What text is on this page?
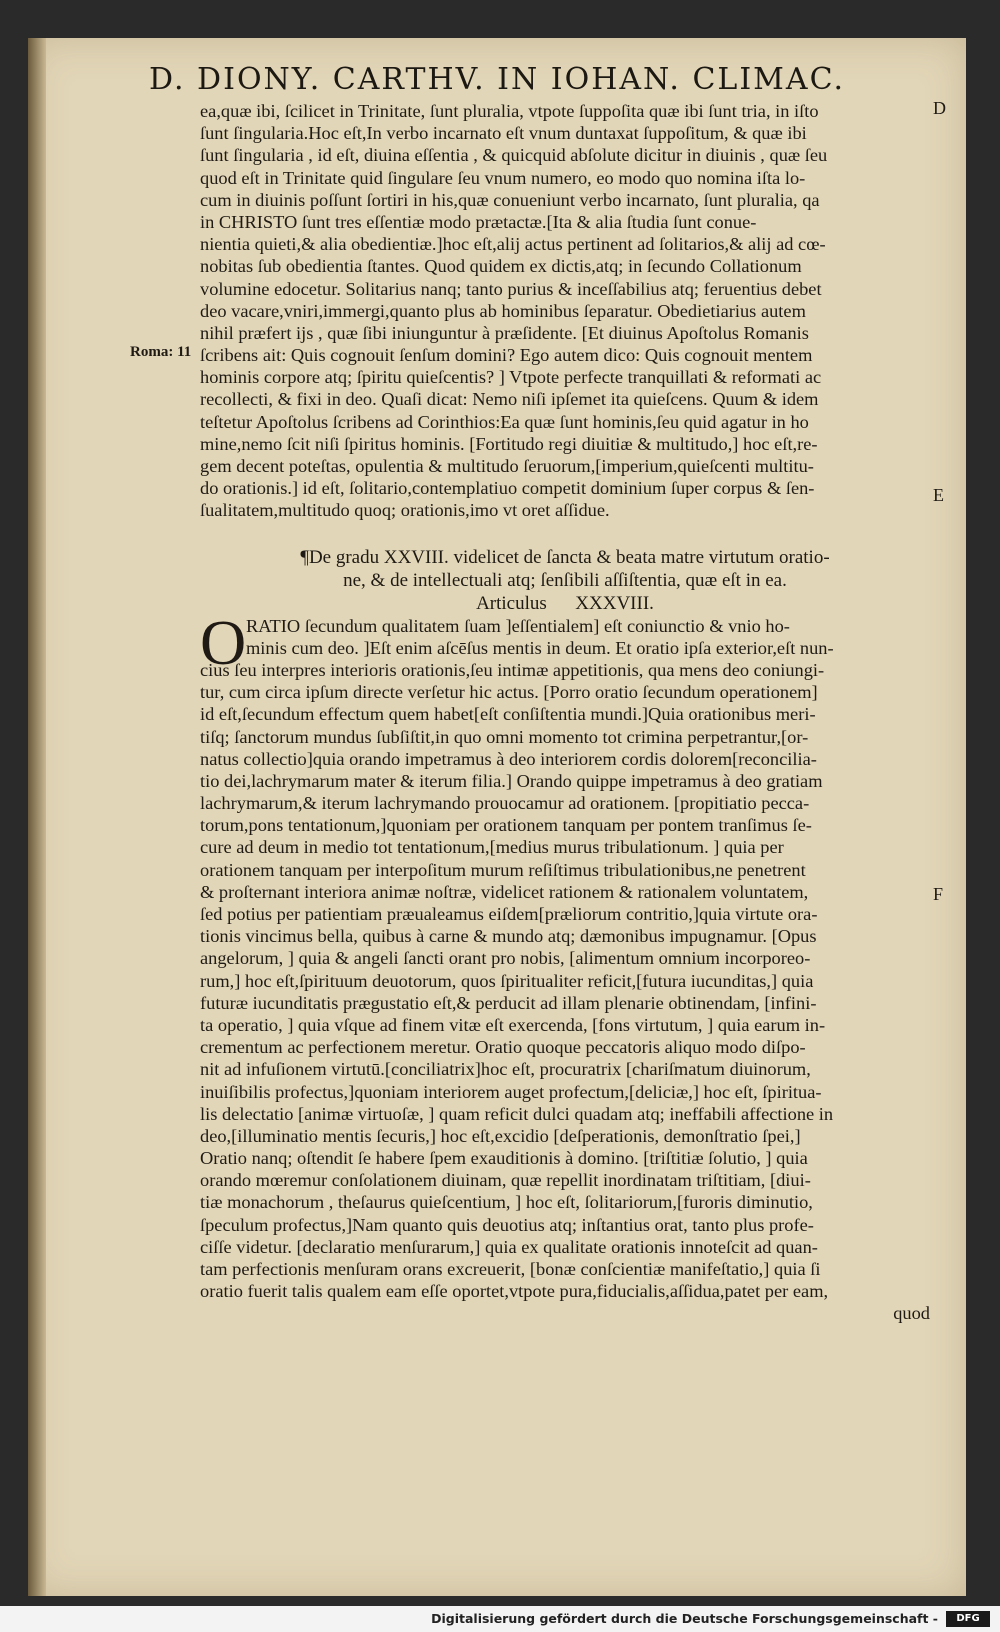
D. DIONY. CARTHV. IN IOHAN. CLIMAC.
D
E
F
Roma: 11
ea,quæ ibi, ſcilicet in Trinitate, ſunt pluralia, vtpote ſuppoſita quæ ibi ſunt tria, in iſto
ſunt ſingularia.Hoc eſt,In verbo incarnato eſt vnum duntaxat ſuppoſitum, & quæ ibi
ſunt ſingularia , id eſt, diuina eſſentia , & quicquid abſolute dicitur in diuinis , quæ ſeu
quod eſt in Trinitate quid ſingulare ſeu vnum numero, eo modo quo nomina iſta lo-
cum in diuinis poſſunt ſortiri in his,quæ conueniunt verbo incarnato, ſunt pluralia, qa
in CHRISTO ſunt tres eſſentiæ modo prætactæ.[Ita & alia ſtudia ſunt conue-
nientia quieti,& alia obedientiæ.]hoc eſt,alij actus pertinent ad ſolitarios,& alij ad cœ-
nobitas ſub obedientia ſtantes. Quod quidem ex dictis,atq; in ſecundo Collationum
volumine edocetur. Solitarius nanq; tanto purius & inceſſabilius atq; feruentius debet
deo vacare,vniri,immergi,quanto plus ab hominibus ſeparatur. Obedietiarius autem
nihil præfert ijs , quæ ſibi iniunguntur à præſidente. [Et diuinus Apoſtolus Romanis
ſcribens ait: Quis cognouit ſenſum domini? Ego autem dico: Quis cognouit mentem
hominis corpore atq; ſpiritu quieſcentis? ] Vtpote perfecte tranquillati & reformati ac
recollecti, & fixi in deo. Quaſi dicat: Nemo niſi ipſemet ita quieſcens. Quum & idem
teſtetur Apoſtolus ſcribens ad Corinthios:Ea quæ ſunt hominis,ſeu quid agatur in ho
mine,nemo ſcit niſi ſpiritus hominis. [Fortitudo regi diuitiæ & multitudo,] hoc eſt,re-
gem decent poteſtas, opulentia & multitudo ſeruorum,[imperium,quieſcenti multitu-
do orationis.] id eſt, ſolitario,contemplatiuo competit dominium ſuper corpus & ſen-
ſualitatem,multitudo quoq; orationis,imo vt oret aſſidue.
¶De gradu XXVIII. videlicet de ſancta & beata matre virtutum oratio-
ne, & de intellectuali atq; ſenſibili aſſiſtentia, quæ eſt in ea.
Articulus      XXXVIII.
O RATIO ſecundum qualitatem ſuam ]eſſentialem] eſt coniunctio & vnio ho-
minis cum deo. ]Eſt enim aſcēſus mentis in deum. Et oratio ipſa exterior,eſt nun-
cius ſeu interpres interioris orationis,ſeu intimæ appetitionis, qua mens deo coniungi-
tur, cum circa ipſum directe verſetur hic actus. [Porro oratio ſecundum operationem]
id eſt,ſecundum effectum quem habet[eſt conſiſtentia mundi.]Quia orationibus meri-
tiſq; ſanctorum mundus ſubſiſtit,in quo omni momento tot crimina perpetrantur,[or-
natus collectio]quia orando impetramus à deo interiorem cordis dolorem[reconcilia-
tio dei,lachrymarum mater & iterum filia.] Orando quippe impetramus à deo gratiam
lachrymarum,& iterum lachrymando prouocamur ad orationem. [propitiatio pecca-
torum,pons tentationum,]quoniam per orationem tanquam per pontem tranſimus ſe-
cure ad deum in medio tot tentationum,[medius murus tribulationum. ] quia per
orationem tanquam per interpoſitum murum reſiſtimus tribulationibus,ne penetrent
& proſternant interiora animæ noſtræ, videlicet rationem & rationalem voluntatem,
ſed potius per patientiam præualeamus eiſdem[præliorum contritio,]quia virtute ora-
tionis vincimus bella, quibus à carne & mundo atq; dæmonibus impugnamur. [Opus
angelorum, ] quia & angeli ſancti orant pro nobis, [alimentum omnium incorporeo-
rum,] hoc eſt,ſpirituum deuotorum, quos ſpiritualiter reficit,[futura iucunditas,] quia
futuræ iucunditatis prægustatio eſt,& perducit ad illam plenarie obtinendam, [infini-
ta operatio, ] quia vſque ad finem vitæ eſt exercenda, [fons virtutum, ] quia earum in-
crementum ac perfectionem meretur. Oratio quoque peccatoris aliquo modo diſpo-
nit ad infuſionem virtutū.[conciliatrix]hoc eſt, procuratrix [chariſmatum diuinorum,
inuiſibilis profectus,]quoniam interiorem auget profectum,[deliciæ,] hoc eſt, ſpiritua-
lis delectatio [animæ virtuoſæ, ] quam reficit dulci quadam atq; ineffabili affectione in
deo,[illuminatio mentis ſecuris,] hoc eſt,excidio [deſperationis, demonſtratio ſpei,]
Oratio nanq; oſtendit ſe habere ſpem exauditionis à domino. [triſtitiæ ſolutio, ] quia
orando mœremur conſolationem diuinam, quæ repellit inordinatam triſtitiam, [diui-
tiæ monachorum , theſaurus quieſcentium, ] hoc eſt, ſolitariorum,[furoris diminutio,
ſpeculum profectus,]Nam quanto quis deuotius atq; inſtantius orat, tanto plus profe-
ciſſe videtur. [declaratio menſurarum,] quia ex qualitate orationis innoteſcit ad quan-
tam perfectionis menſuram orans excreuerit, [bonæ conſcientiæ manifeſtatio,] quia ſi
oratio fuerit talis qualem eam eſſe oportet,vtpote pura,fiducialis,aſſidua,patet per eam,
quod
Digitalisierung gefördert durch die Deutsche Forschungsgemeinschaft -	DFG
